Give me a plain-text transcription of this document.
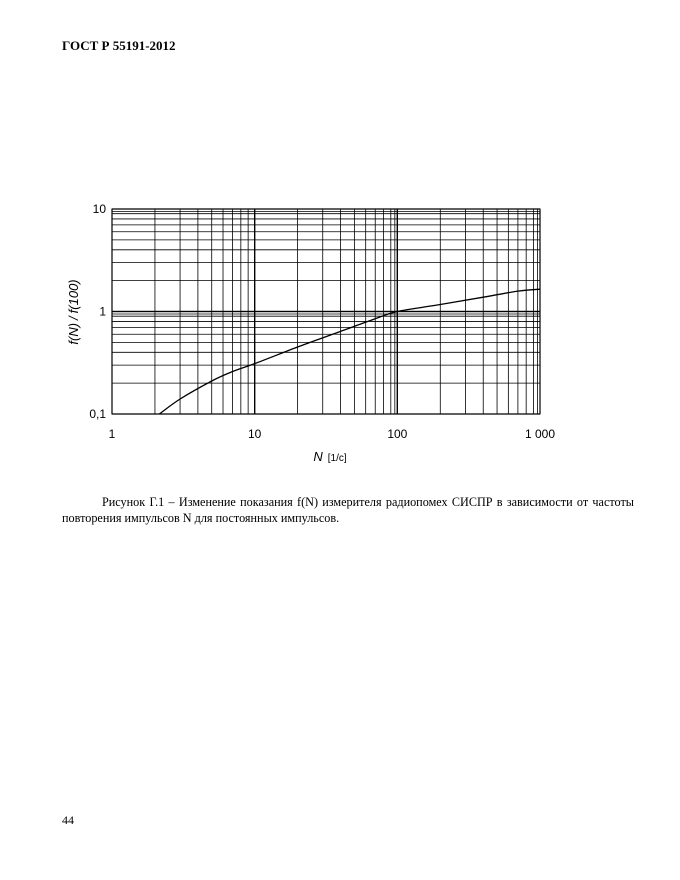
ГОСТ Р 55191-2012
0,1
1
10
1	10	100	1 000
f(N)/f(100)
N [1/c]
Рисунок Г.1 – Изменение показания f(N) измерителя радиопомех СИСПР в зависимости от частоты повторения импульсов N для постоянных импульсов.
44
